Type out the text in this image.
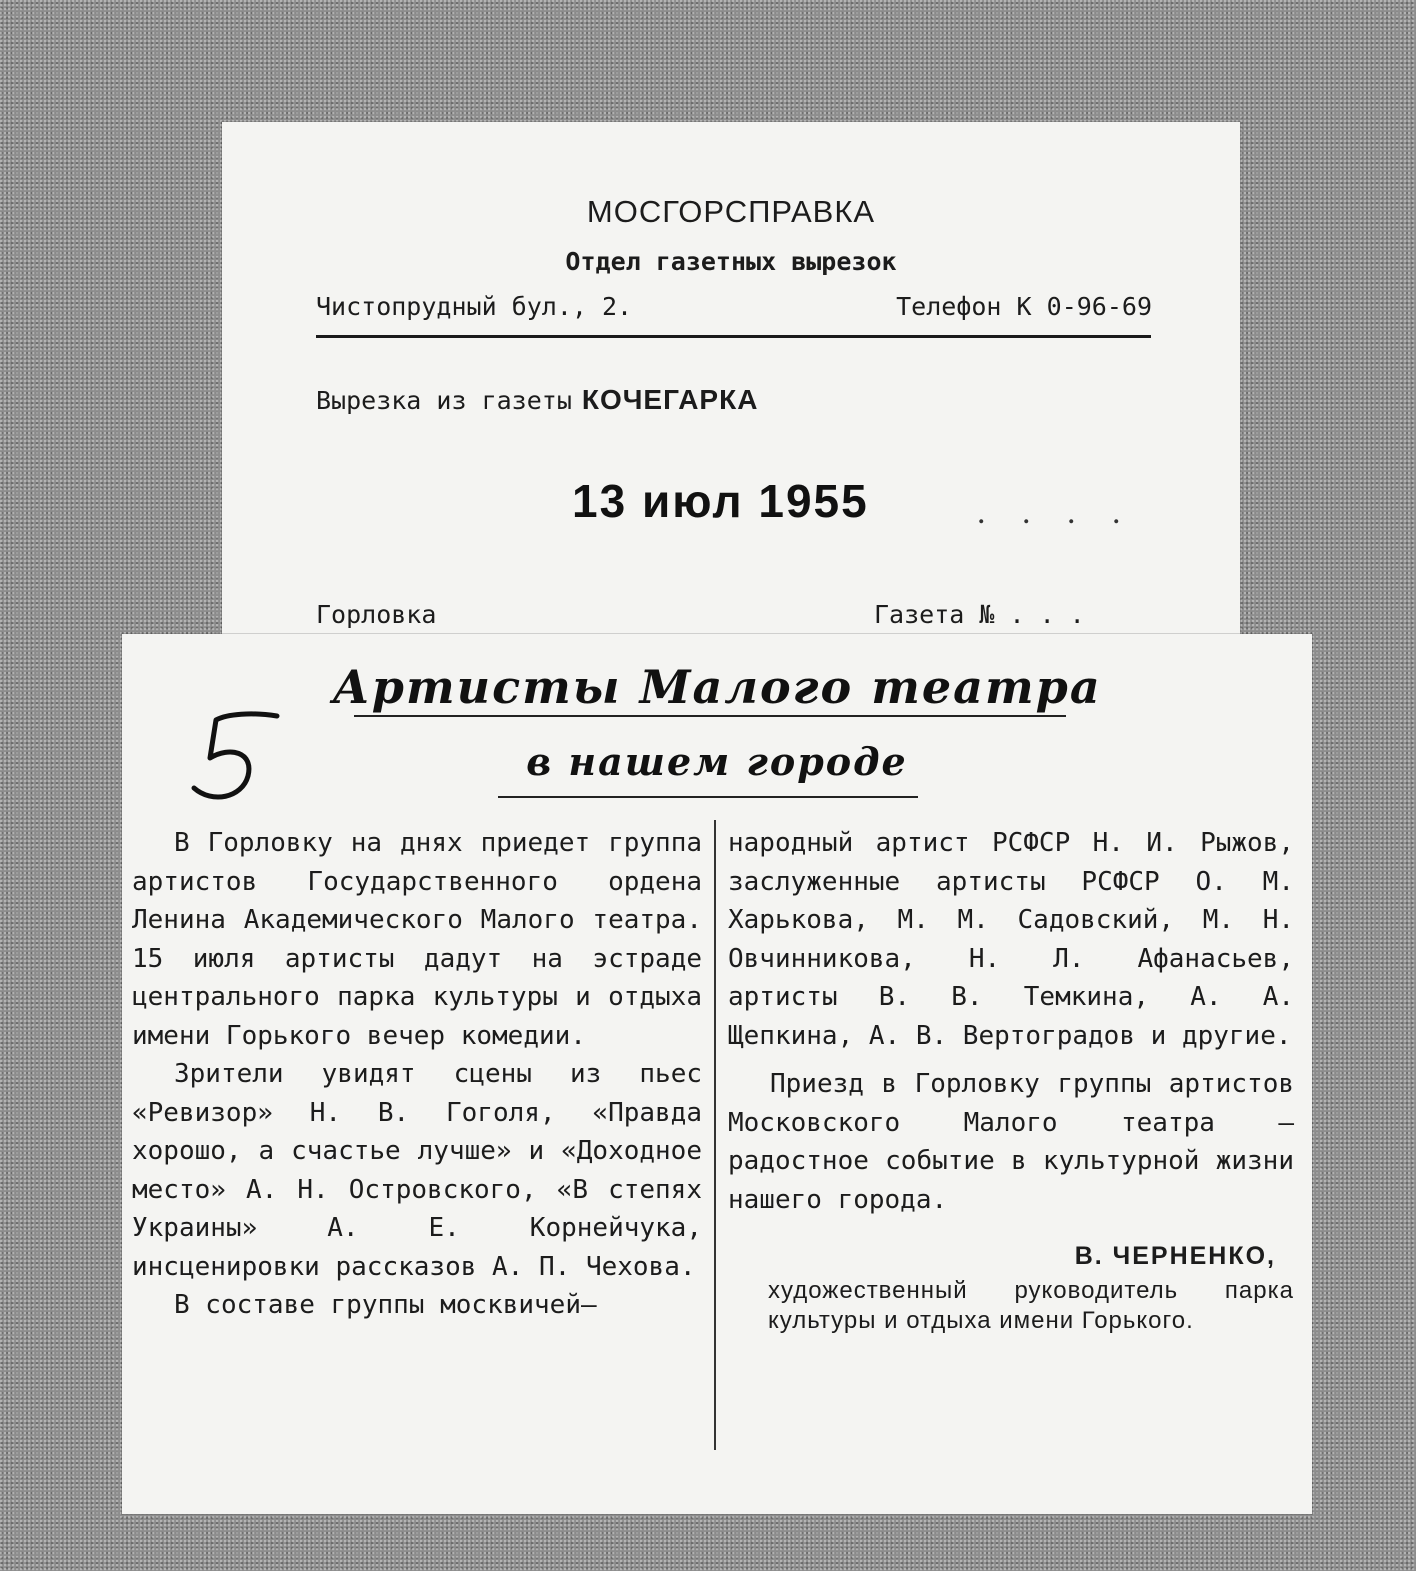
МОСГОРСПРАВКА
Отдел газетных вырезок
Чистопрудный бул., 2.	Телефон К 0-96-69
Вырезка из газеты КОЧЕГАРКА
13 июл 1955	. . . .
Горловка	Газета № . . .
Артисты Малого театра
в нашем городе

В Горловку на днях приедет группа артистов Государственного ордена Ленина Академического Малого театра. 15 июля артисты дадут на эстраде центрального парка культуры и отдыха имени Горького вечер комедии.

Зрители увидят сцены из пьес «Ревизор» Н. В. Гоголя, «Правда хорошо, а счастье лучше» и «Доходное место» А. Н. Островского, «В степях Украины» А. Е. Корнейчука, инсценировки рассказов А. П. Чехова.

В составе группы москвичей—

народный артист РСФСР Н. И. Рыжов, заслуженные артисты РСФСР О. М. Харькова, М. М. Садовский, М. Н. Овчинникова, Н. Л. Афанасьев, артисты В. В. Темкина, А. А. Щепкина, А. В. Вертоградов и другие.

Приезд в Горловку группы артистов Московского Малого театра — радостное событие в культурной жизни нашего города.

В. ЧЕРНЕНКО,
художественный руководитель парка культуры и отдыха имени Горького.
